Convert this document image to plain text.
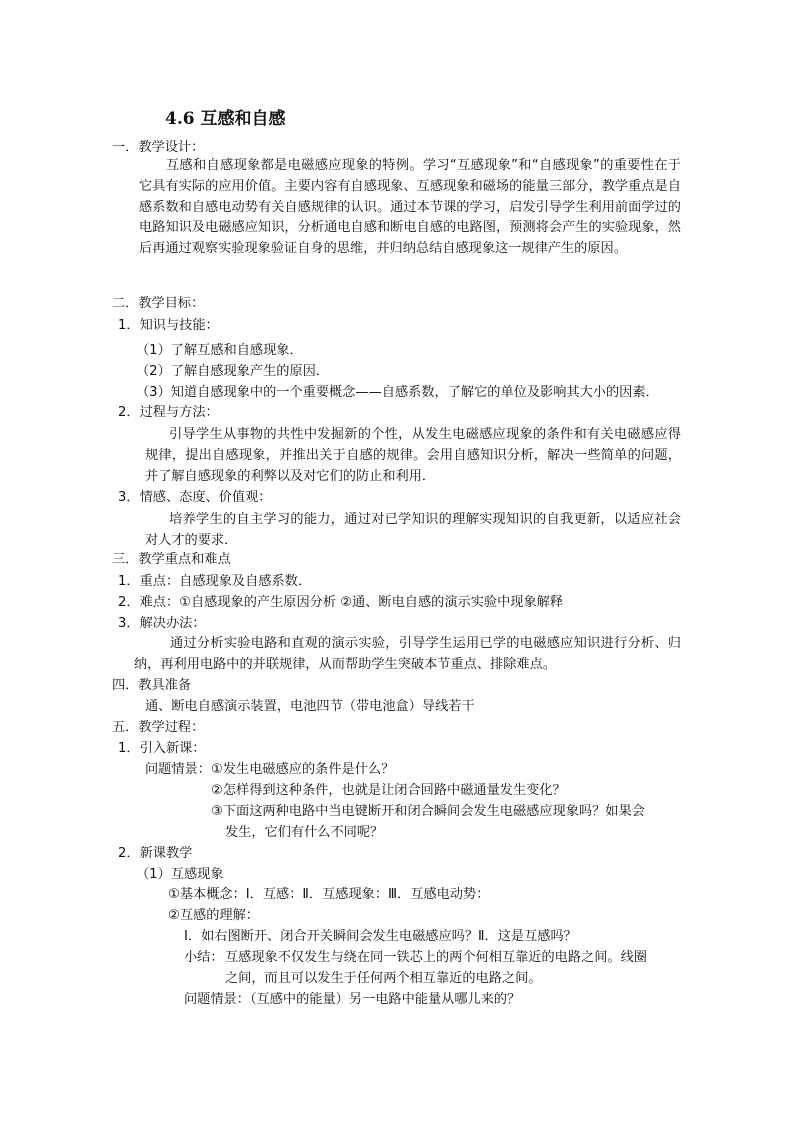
4.6 互感和自感
一．教学设计：
互感和自感现象都是电磁感应现象的特例。学习“互感现象”和“自感现象”的重要性在于它具有实际的应用价值。主要内容有自感现象、互感现象和磁场的能量三部分，教学重点是自感系数和自感电动势有关自感规律的认识。通过本节课的学习，启发引导学生利用前面学过的电路知识及电磁感应知识，分析通电自感和断电自感的电路图，预测将会产生的实验现象，然后再通过观察实验现象验证自身的思维，并归纳总结自感现象这一规律产生的原因。
二．教学目标：
1．知识与技能：
（1）了解互感和自感现象．
（2）了解自感现象产生的原因．
（3）知道自感现象中的一个重要概念——自感系数，了解它的单位及影响其大小的因素．
2．过程与方法：
引导学生从事物的共性中发掘新的个性，从发生电磁感应现象的条件和有关电磁感应得规律，提出自感现象，并推出关于自感的规律。会用自感知识分析，解决一些简单的问题，并了解自感现象的利弊以及对它们的防止和利用．
3．情感、态度、价值观：
培养学生的自主学习的能力，通过对已学知识的理解实现知识的自我更新，以适应社会对人才的要求．
三．教学重点和难点
1．重点：自感现象及自感系数．
2．难点：①自感现象的产生原因分析 ②通、断电自感的演示实验中现象解释
3．解决办法：
通过分析实验电路和直观的演示实验，引导学生运用已学的电磁感应知识进行分析、归纳，再利用电路中的并联规律，从而帮助学生突破本节重点、排除难点。
四．教具准备
通、断电自感演示装置，电池四节（带电池盒）导线若干
五．教学过程：
1．引入新课：
问题情景： ①发生电磁感应的条件是什么？
②怎样得到这种条件，也就是让闭合回路中磁通量发生变化？
③下面这两种电路中当电键断开和闭合瞬间会发生电磁感应现象吗？如果会
发生，它们有什么不同呢？
2．新课教学
（1）互感现象
①基本概念：Ⅰ．互感：Ⅱ．互感现象：Ⅲ．互感电动势：
②互感的理解：
Ⅰ．如右图断开、闭合开关瞬间会发生电磁感应吗？Ⅱ．这是互感吗？
小结： 互感现象不仅发生与绕在同一铁芯上的两个何相互靠近的电路之间。线圈
之间，而且可以发生于任何两个相互靠近的电路之间。
问题情景：（互感中的能量）另一电路中能量从哪儿来的？
